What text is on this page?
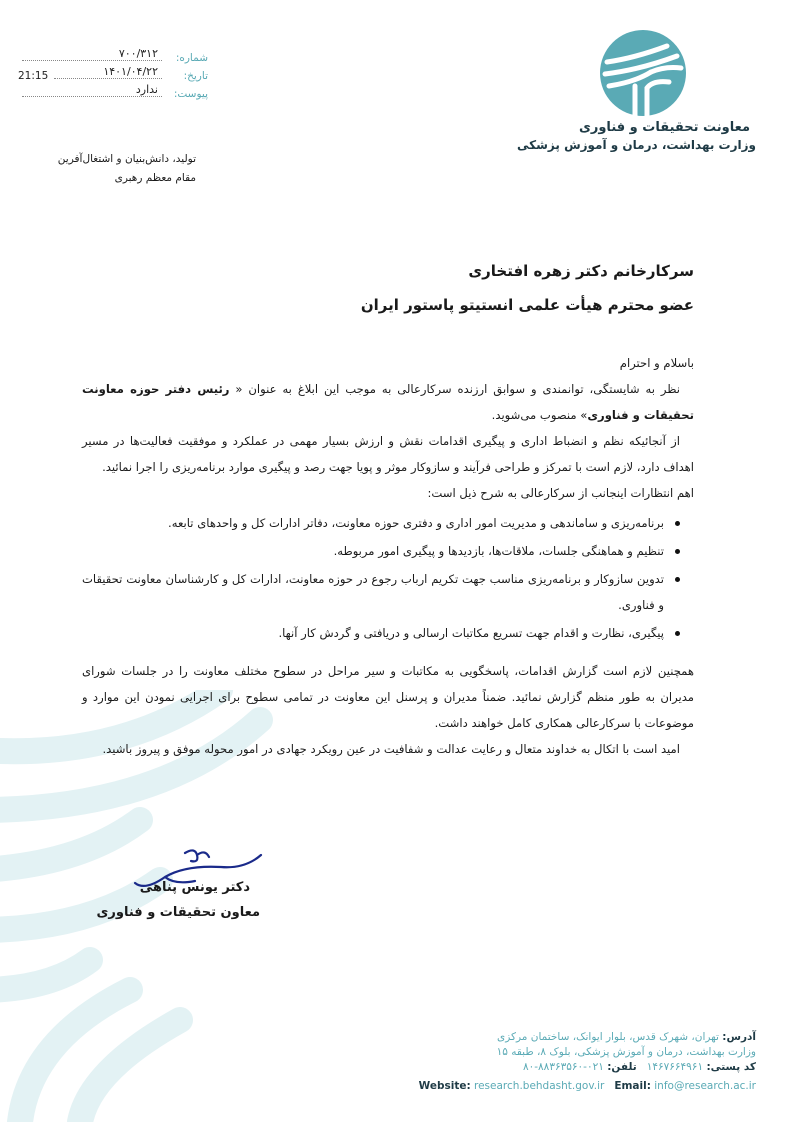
معاونت تحقیقات و فناوری
وزارت بهداشت، درمان و آموزش پزشکی
شماره:
۷۰۰/۳۱۲
تاریخ:
۱۴۰۱/۰۴/۲۲
21:15
پیوست:
ندارد
تولید، دانش‌بنیان و اشتغال‌آفرین
مقام معظم رهبری
سرکارخانم دکتر زهره افتخاری
عضو محترم هیأت علمی انستیتو پاستور ایران

باسلام و احترام

نظر به شایستگی، توانمندی و سوابق ارزنده سرکارعالی به موجب این ابلاغ به عنوان « رئیس دفتر حوزه معاونت تحقیقات و فناوری» منصوب می‌شوید.

از آنجائیکه نظم و انضباط اداری و پیگیری اقدامات نقش و ارزش بسیار مهمی در عملکرد و موفقیت فعالیت‌ها در مسیر اهداف دارد، لازم است با تمرکز و طراحی فرآیند و سازوکار موثر و پویا جهت رصد و پیگیری موارد برنامه‌ریزی را اجرا نمائید.

اهم انتظارات اینجانب از سرکارعالی به شرح ذیل است:

برنامه‌ریزی و ساماندهی و مدیریت امور اداری و دفتری حوزه معاونت، دفاتر ادارات کل و واحدهای تابعه.
تنظیم و هماهنگی جلسات، ملاقات‌ها، بازدیدها و پیگیری امور مربوطه.
تدوین سازوکار و برنامه‌ریزی مناسب جهت تکریم ارباب رجوع در حوزه معاونت، ادارات کل و کارشناسان معاونت تحقیقات و فناوری.
پیگیری، نظارت و اقدام جهت تسریع مکاتبات ارسالی و دریافتی و گردش کار آنها.

همچنین لازم است گزارش اقدامات، پاسخگویی به مکاتبات و سیر مراحل در سطوح مختلف معاونت را در جلسات شورای مدیران به طور منظم گزارش نمائید. ضمناً مدیران و پرسنل این معاونت در تمامی سطوح برای اجرایی نمودن این موارد و موضوعات با سرکارعالی همکاری کامل خواهند داشت.

امید است با اتکال به خداوند متعال و رعایت عدالت و شفافیت در عین رویکرد جهادی در امور محوله موفق و پیروز باشید.

دکتر یونس پناهی
معاون تحقیقات و فناوری
آدرس: تهران، شهرک قدس، بلوار ایوانک، ساختمان مرکزی
وزارت بهداشت، درمان و آموزش پزشکی، بلوک ۸، طبقه ۱۵
کد پستی: ۱۴۶۷۶۶۴۹۶۱   تلفن: ۰۲۱-۸۸۳۶۳۵۶۰-۸۰
Website: research.behdasht.gov.ir Email: info@research.ac.ir
